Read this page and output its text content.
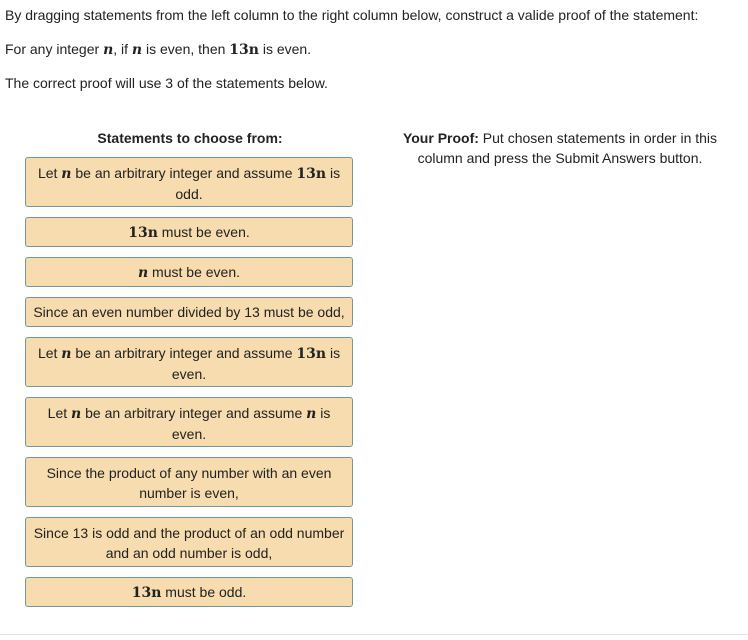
By dragging statements from the left column to the right column below, construct a valide proof of the statement:

For any integer n, if n is even, then 13n is even.

The correct proof will use 3 of the statements below.

Statements to choose from:	Your Proof: Put chosen statements in order in this column and press the Submit Answers button.
Let n be an arbitrary integer and assume 13n is odd.
13n must be even.
n must be even.
Since an even number divided by 13 must be odd,
Let n be an arbitrary integer and assume 13n is even.
Let n be an arbitrary integer and assume n is even.
Since the product of any number with an even number is even,
Since 13 is odd and the product of an odd number and an odd number is odd,
13n must be odd.
